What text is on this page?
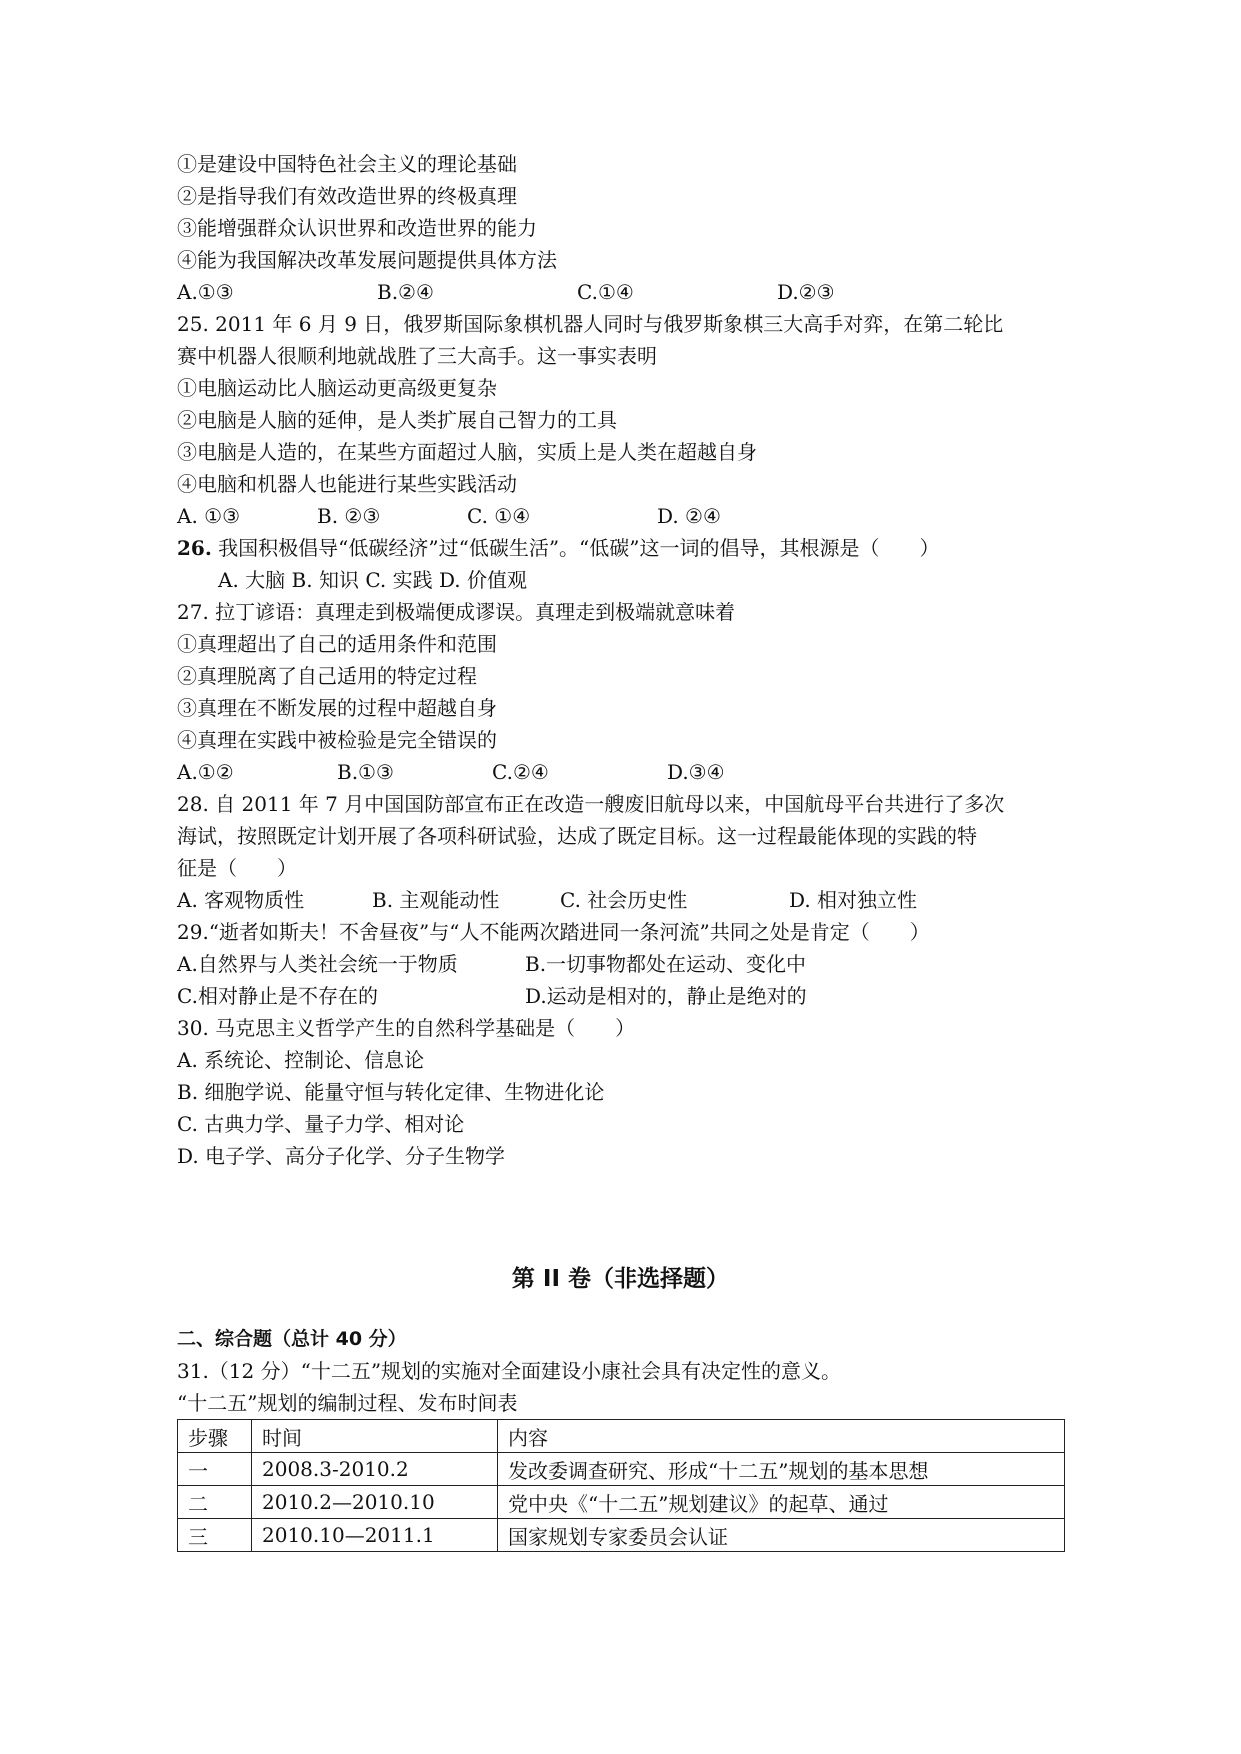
①是建设中国特色社会主义的理论基础
②是指导我们有效改造世界的终极真理
③能增强群众认识世界和改造世界的能力
④能为我国解决改革发展问题提供具体方法
A.①③	B.②④	C.①④	D.②③
25. 2011 年 6 月 9 日，俄罗斯国际象棋机器人同时与俄罗斯象棋三大高手对弈，在第二轮比
赛中机器人很顺利地就战胜了三大高手。这一事实表明
①电脑运动比人脑运动更高级更复杂
②电脑是人脑的延伸，是人类扩展自己智力的工具
③电脑是人造的，在某些方面超过人脑，实质上是人类在超越自身
④电脑和机器人也能进行某些实践活动
A. ①③	B. ②③	C. ①④	D. ②④
26. 我国积极倡导“低碳经济”过“低碳生活”。“低碳”这一词的倡导，其根源是（　　）
A. 大脑 B. 知识 C. 实践 D. 价值观
27. 拉丁谚语：真理走到极端便成谬误。真理走到极端就意味着
①真理超出了自己的适用条件和范围
②真理脱离了自己适用的特定过程
③真理在不断发展的过程中超越自身
④真理在实践中被检验是完全错误的
A.①②	B.①③	C.②④	D.③④
28. 自 2011 年 7 月中国国防部宣布正在改造一艘废旧航母以来，中国航母平台共进行了多次
海试，按照既定计划开展了各项科研试验，达成了既定目标。这一过程最能体现的实践的特
征是（　　）
A. 客观物质性	B. 主观能动性	C. 社会历史性	D. 相对独立性
29.“逝者如斯夫！不舍昼夜”与“人不能两次踏进同一条河流”共同之处是肯定（　　）
A.自然界与人类社会统一于物质	B.一切事物都处在运动、变化中
C.相对静止是不存在的	D.运动是相对的，静止是绝对的
30. 马克思主义哲学产生的自然科学基础是（　　）
A. 系统论、控制论、信息论
B. 细胞学说、能量守恒与转化定律、生物进化论
C. 古典力学、量子力学、相对论
D. 电子学、高分子化学、分子生物学
第 II 卷（非选择题）
二、综合题（总计 40 分）
31.（12 分）“十二五”规划的实施对全面建设小康社会具有决定性的意义。
“十二五”规划的编制过程、发布时间表
步骤	时间	内容
一	2008.3-2010.2	发改委调查研究、形成“十二五”规划的基本思想
二	2010.2—2010.10	党中央《“十二五”规划建议》的起草、通过
三	2010.10—2011.1	国家规划专家委员会认证
